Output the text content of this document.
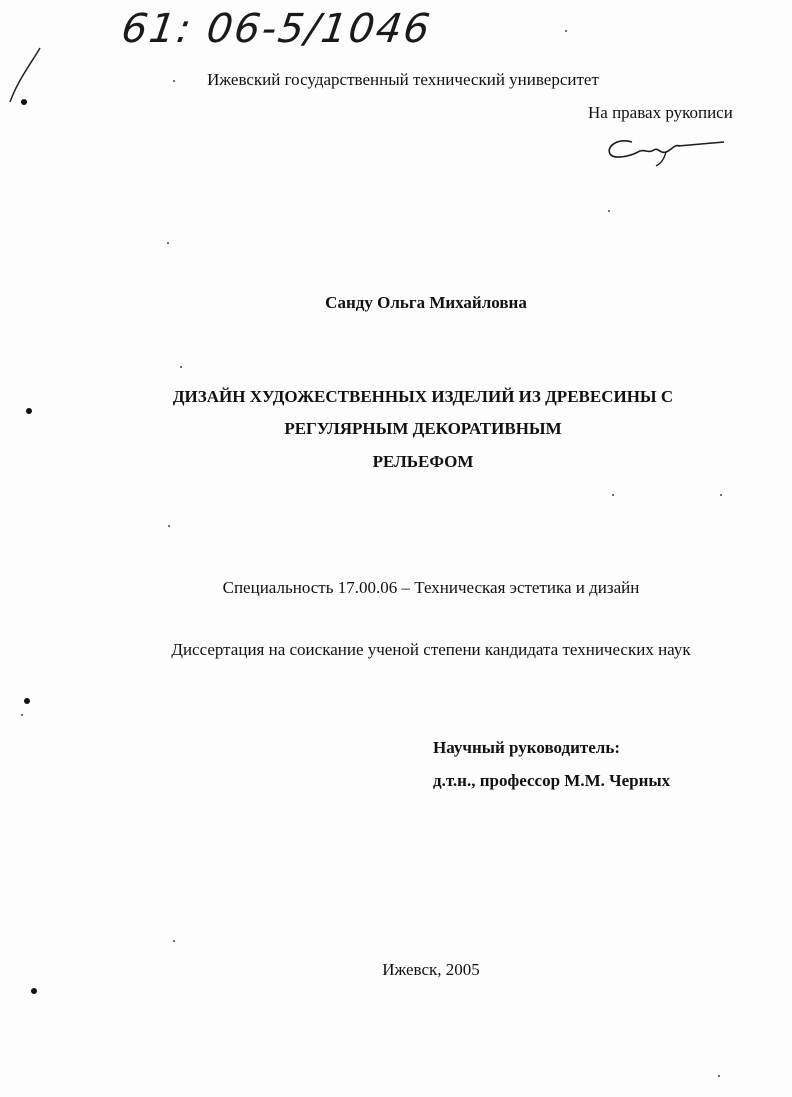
61: 06-5/1046
Ижевский государственный технический университет
На правах рукописи
Санду Ольга Михайловна
ДИЗАЙН ХУДОЖЕСТВЕННЫХ ИЗДЕЛИЙ ИЗ ДРЕВЕСИНЫ С
РЕГУЛЯРНЫМ ДЕКОРАТИВНЫМ
РЕЛЬЕФОМ
Специальность 17.00.06 – Техническая эстетика и дизайн
Диссертация на соискание ученой степени кандидата технических наук
Научный руководитель:
д.т.н., профессор М.М. Черных
Ижевск, 2005
